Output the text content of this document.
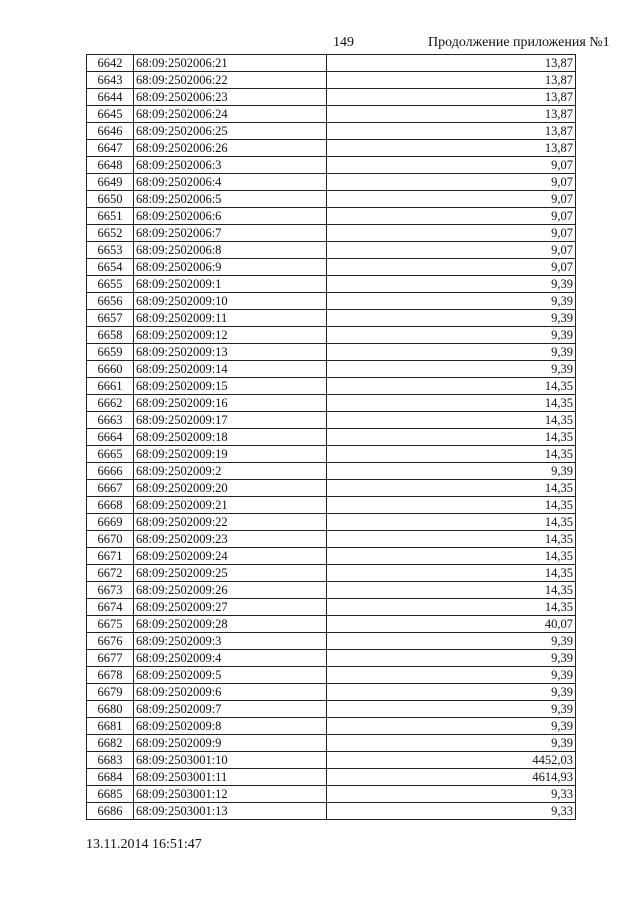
149	Продолжение приложения №1
6642	68:09:2502006:21	13,87
6643	68:09:2502006:22	13,87
6644	68:09:2502006:23	13,87
6645	68:09:2502006:24	13,87
6646	68:09:2502006:25	13,87
6647	68:09:2502006:26	13,87
6648	68:09:2502006:3	9,07
6649	68:09:2502006:4	9,07
6650	68:09:2502006:5	9,07
6651	68:09:2502006:6	9,07
6652	68:09:2502006:7	9,07
6653	68:09:2502006:8	9,07
6654	68:09:2502006:9	9,07
6655	68:09:2502009:1	9,39
6656	68:09:2502009:10	9,39
6657	68:09:2502009:11	9,39
6658	68:09:2502009:12	9,39
6659	68:09:2502009:13	9,39
6660	68:09:2502009:14	9,39
6661	68:09:2502009:15	14,35
6662	68:09:2502009:16	14,35
6663	68:09:2502009:17	14,35
6664	68:09:2502009:18	14,35
6665	68:09:2502009:19	14,35
6666	68:09:2502009:2	9,39
6667	68:09:2502009:20	14,35
6668	68:09:2502009:21	14,35
6669	68:09:2502009:22	14,35
6670	68:09:2502009:23	14,35
6671	68:09:2502009:24	14,35
6672	68:09:2502009:25	14,35
6673	68:09:2502009:26	14,35
6674	68:09:2502009:27	14,35
6675	68:09:2502009:28	40,07
6676	68:09:2502009:3	9,39
6677	68:09:2502009:4	9,39
6678	68:09:2502009:5	9,39
6679	68:09:2502009:6	9,39
6680	68:09:2502009:7	9,39
6681	68:09:2502009:8	9,39
6682	68:09:2502009:9	9,39
6683	68:09:2503001:10	4452,03
6684	68:09:2503001:11	4614,93
6685	68:09:2503001:12	9,33
6686	68:09:2503001:13	9,33
13.11.2014 16:51:47
